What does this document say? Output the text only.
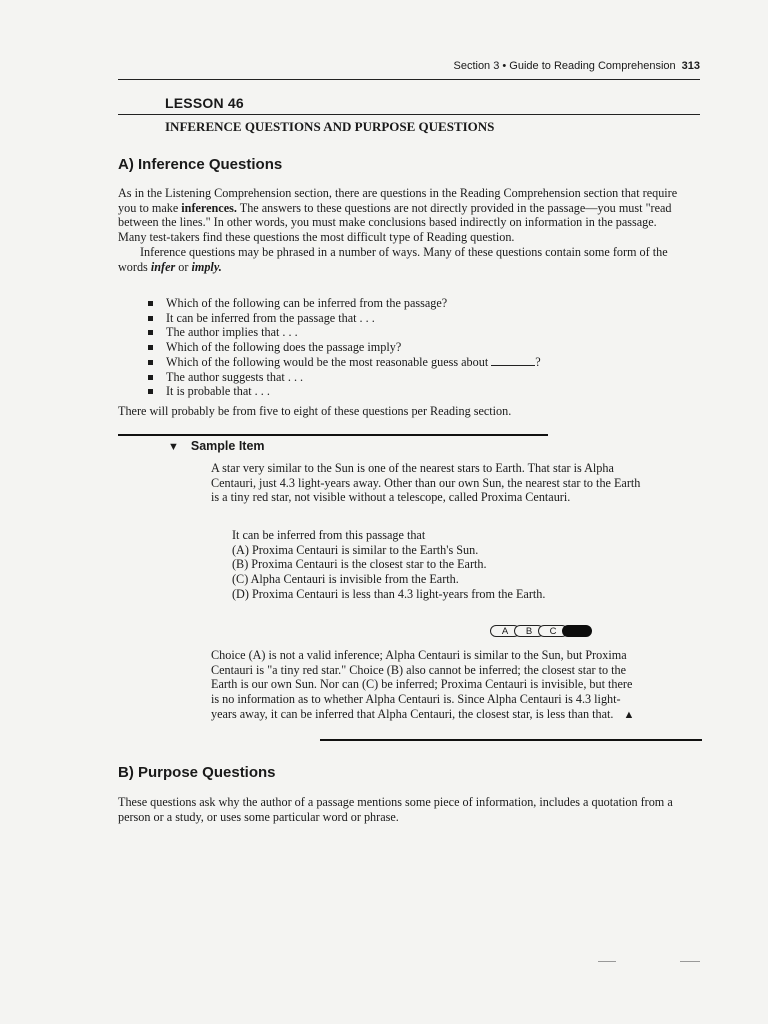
Section 3 • Guide to Reading Comprehension 313
LESSON 46
INFERENCE QUESTIONS AND PURPOSE QUESTIONS
A) Inference Questions

As in the Listening Comprehension section, there are questions in the Reading Comprehension section that require you to make inferences. The answers to these questions are not directly provided in the passage—you must "read between the lines." In other words, you must make conclusions based indirectly on information in the passage. Many test-takers find these questions the most difficult type of Reading question.

Inference questions may be phrased in a number of ways. Many of these questions contain some form of the words infer or imply.

Which of the following can be inferred from the passage?
It can be inferred from the passage that . . .
The author implies that . . .
Which of the following does the passage imply?
Which of the following would be the most reasonable guess about	?
The author suggests that . . .
It is probable that . . .
There will probably be from five to eight of these questions per Reading section.
▼ Sample Item
A star very similar to the Sun is one of the nearest stars to Earth. That star is Alpha Centauri, just 4.3 light-years away. Other than our own Sun, the nearest star to the Earth is a tiny red star, not visible without a telescope, called Proxima Centauri.

It can be inferred from this passage that

(A) Proxima Centauri is similar to the Earth's Sun.

(B) Proxima Centauri is the closest star to the Earth.

(C) Alpha Centauri is invisible from the Earth.

(D) Proxima Centauri is less than 4.3 light-years from the Earth.

A	B	C
Choice (A) is not a valid inference; Alpha Centauri is similar to the Sun, but Proxima Centauri is "a tiny red star." Choice (B) also cannot be inferred; the closest star to the Earth is our own Sun. Nor can (C) be inferred; Proxima Centauri is invisible, but there is no information as to whether Alpha Centauri is. Since Alpha Centauri is 4.3 light-years away, it can be inferred that Alpha Centauri, the closest star, is less than that. ▲
B) Purpose Questions
These questions ask why the author of a passage mentions some piece of information, includes a quotation from a person or a study, or uses some particular word or phrase.
